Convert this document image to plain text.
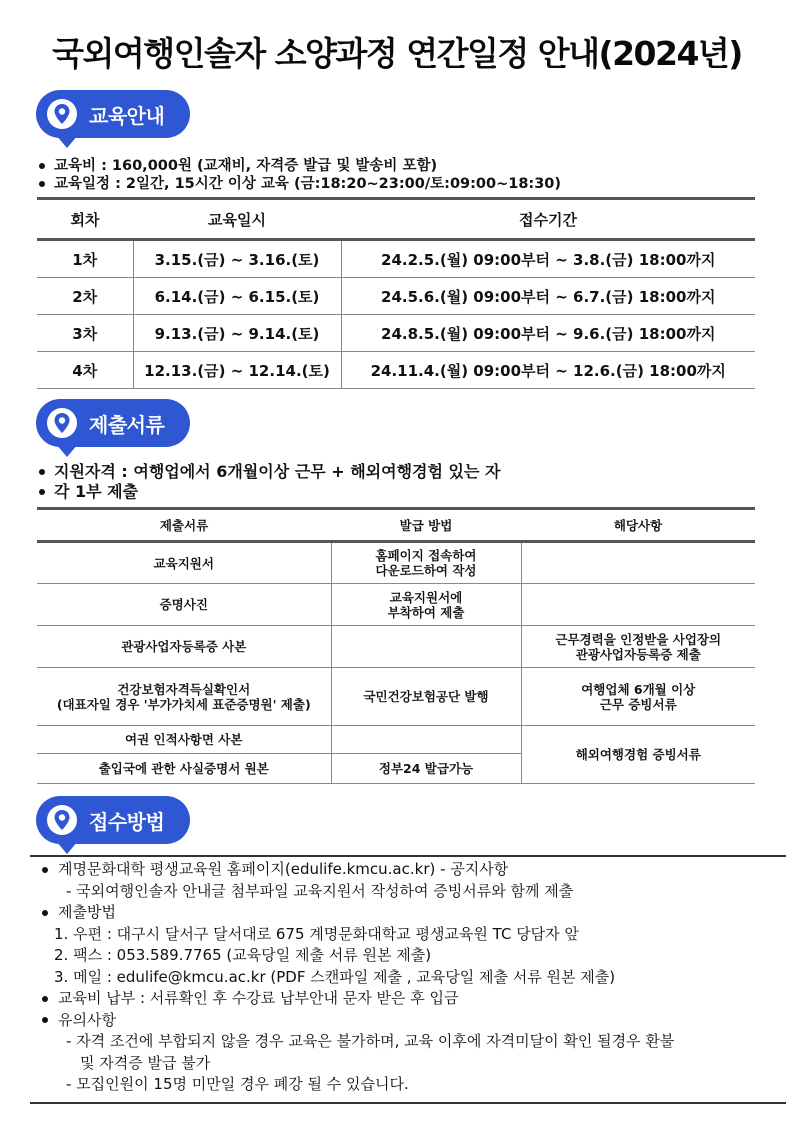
국외여행인솔자 소양과정 연간일정 안내(2024년)
교육안내
교육비 : 160,000원 (교재비, 자격증 발급 및 발송비 포함)
교육일정 : 2일간, 15시간 이상 교육 (금:18:20~23:00/토:09:00~18:30)
회차	교육일시	접수기간
1차	3.15.(금) ~ 3.16.(토)	24.2.5.(월) 09:00부터 ~ 3.8.(금) 18:00까지
2차	6.14.(금) ~ 6.15.(토)	24.5.6.(월) 09:00부터 ~ 6.7.(금) 18:00까지
3차	9.13.(금) ~ 9.14.(토)	24.8.5.(월) 09:00부터 ~ 9.6.(금) 18:00까지
4차	12.13.(금) ~ 12.14.(토)	24.11.4.(월) 09:00부터 ~ 12.6.(금) 18:00까지
제출서류
지원자격 : 여행업에서 6개월이상 근무 + 해외여행경험 있는 자
각 1부 제출
제출서류	발급 방법	해당사항
교육지원서	홈페이지 접속하여
다운로드하여 작성	
증명사진	교육지원서에
부착하여 제출	
관광사업자등록증 사본		근무경력을 인정받을 사업장의
관광사업자등록증 제출
건강보험자격득실확인서
(대표자일 경우 '부가가치세 표준증명원' 제출)	국민건강보험공단 발행	여행업체 6개월 이상
근무 증빙서류
여권 인적사항면 사본		해외여행경험 증빙서류
출입국에 관한 사실증명서 원본	정부24 발급가능	
접수방법
계명문화대학 평생교육원 홈페이지(edulife.kmcu.ac.kr) - 공지사항
- 국외여행인솔자 안내글 첨부파일 교육지원서 작성하여 증빙서류와 함께 제출
제출방법
1. 우편 : 대구시 달서구 달서대로 675 계명문화대학교 평생교육원 TC 당담자 앞
2. 팩스 : 053.589.7765 (교육당일 제출 서류 원본 제출)
3. 메일 : edulife@kmcu.ac.kr (PDF 스캔파일 제출 , 교육당일 제출 서류 원본 제출)
교육비 납부 : 서류확인 후 수강료 납부안내 문자 받은 후 입금
유의사항
- 자격 조건에 부합되지 않을 경우 교육은 불가하며, 교육 이후에 자격미달이 확인 될경우 환불
및 자격증 발급 불가
- 모집인원이 15명 미만일 경우 폐강 될 수 있습니다.
